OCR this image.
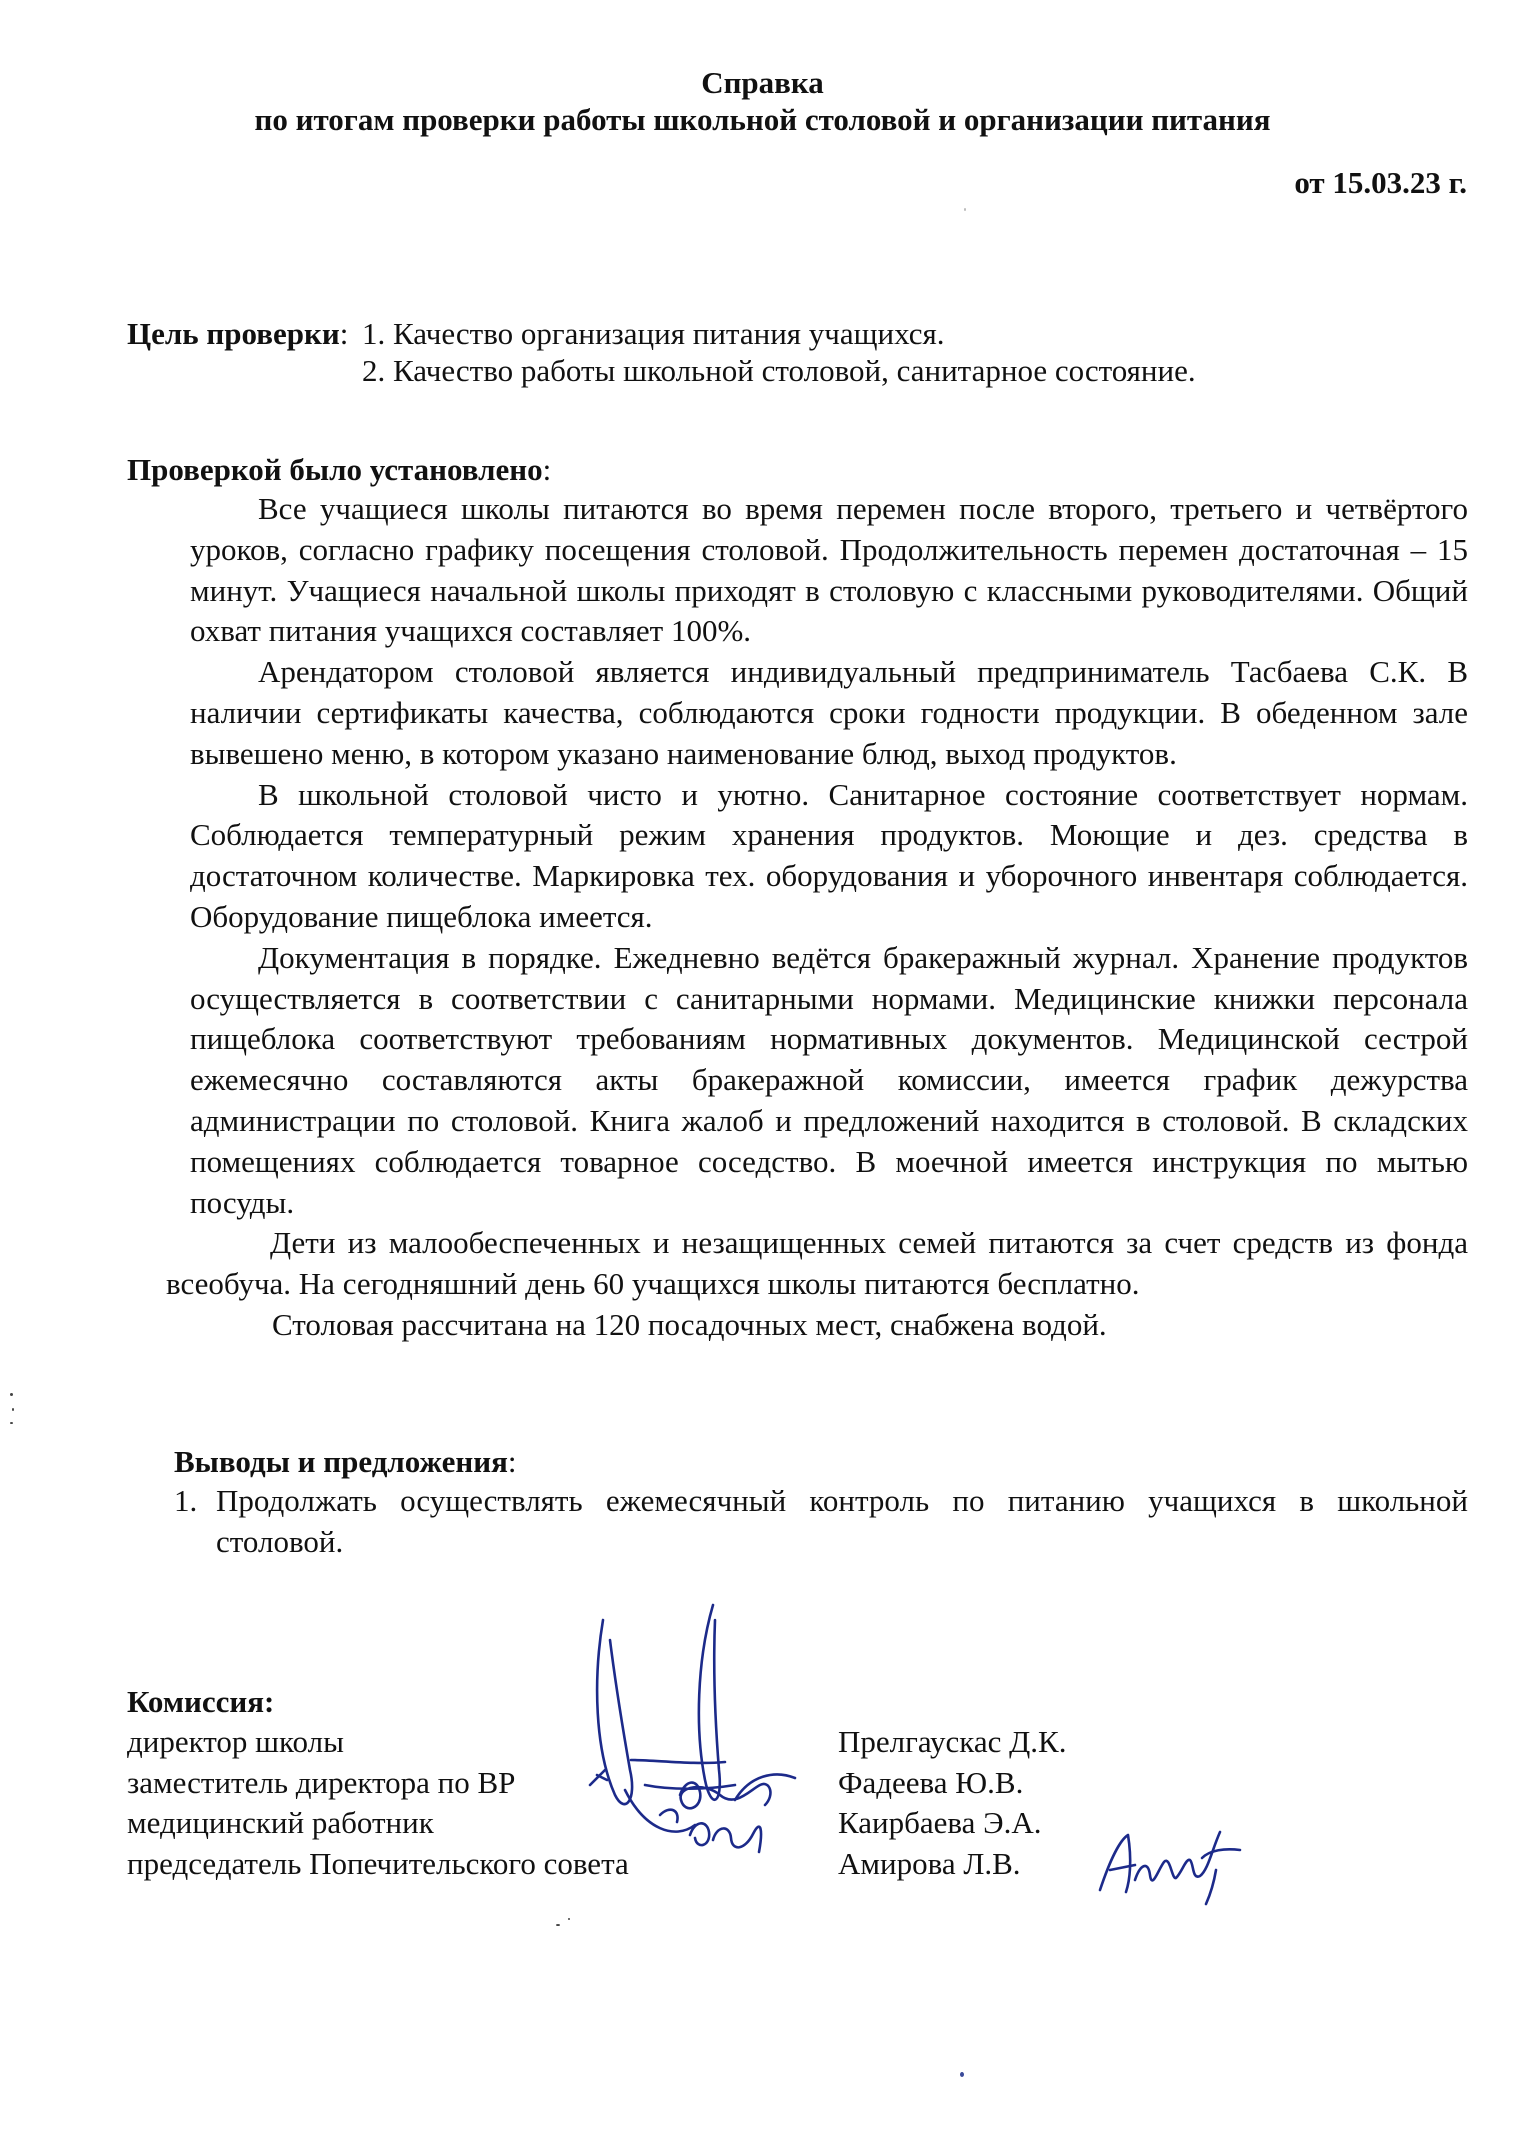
Справка
по итогам проверки работы школьной столовой и организации питания
от 15.03.23 г.
Цель проверки: 1. Качество организация питания учащихся.
2. Качество работы школьной столовой, санитарное состояние.
Проверкой было установлено:

Все учащиеся школы питаются во время перемен после второго, третьего и четвёртого уроков, согласно графику посещения столовой. Продолжительность перемен достаточная – 15 минут. Учащиеся начальной школы приходят в столовую с классными руководителями. Общий охват питания учащихся составляет 100%.

Арендатором столовой является индивидуальный предприниматель Тасбаева С.К. В наличии сертификаты качества, соблюдаются сроки годности продукции. В обеденном зале вывешено меню, в котором указано наименование блюд, выход продуктов.

В школьной столовой чисто и уютно. Санитарное состояние соответствует нормам. Соблюдается температурный режим хранения продуктов. Моющие и дез. средства в достаточном количестве. Маркировка тех. оборудования и уборочного инвентаря соблюдается. Оборудование пищеблока имеется.

Документация в порядке. Ежедневно ведётся бракеражный журнал. Хранение продуктов осуществляется в соответствии с санитарными нормами. Медицинские книжки персонала пищеблока соответствуют требованиям нормативных документов. Медицинской сестрой ежемесячно составляются акты бракеражной комиссии, имеется график дежурства администрации по столовой. Книга жалоб и предложений находится в столовой. В складских помещениях соблюдается товарное соседство. В моечной имеется инструкция по мытью посуды.

Дети из малообеспеченных и незащищенных семей питаются за счет средств из фонда всеобуча. На сегодняшний день 60 учащихся школы питаются бесплатно.

Столовая рассчитана на 120 посадочных мест, снабжена водой.

Выводы и предложения:
1. Продолжать осуществлять ежемесячный контроль по питанию учащихся в школьной столовой.
Комиссия:
директор школы
заместитель директора по ВР
медицинский работник
председатель Попечительского совета
Прелгаускас Д.К.
Фадеева Ю.В.
Каирбаева Э.А.
Амирова Л.В.
